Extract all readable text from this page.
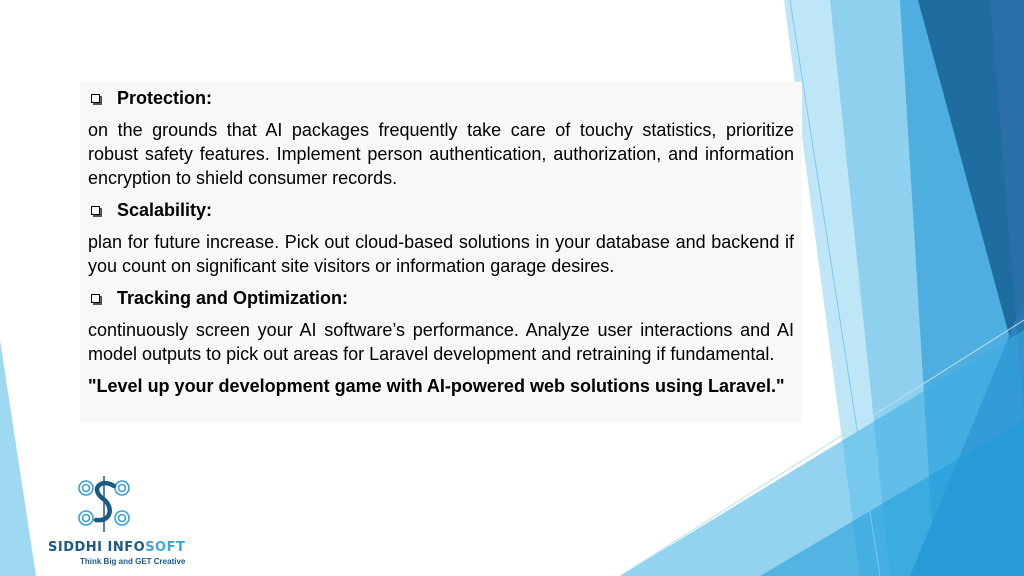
Protection:

on the grounds that AI packages frequently take care of touchy statistics, prioritize robust safety features. Implement person authentication, authorization, and information encryption to shield consumer records.

Scalability:

plan for future increase. Pick out cloud-based solutions in your database and backend if you count on significant site visitors or information garage desires.

Tracking and Optimization:

continuously screen your AI software’s performance. Analyze user interactions and AI model outputs to pick out areas for Laravel development and retraining if fundamental.

"Level up your development game with AI-powered web solutions using Laravel."

SIDDHI INFOSOFT
Think Big and GET Creative
